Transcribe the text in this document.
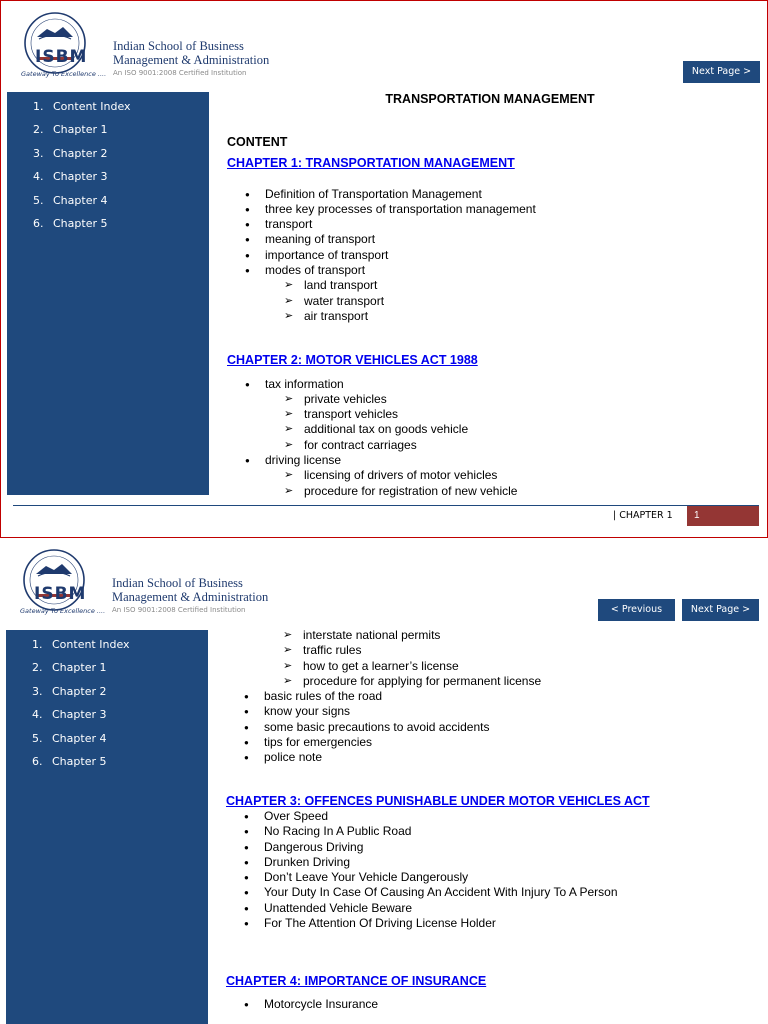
ISBM
Indian School of Business
Management & Administration
Gateway To Excellence .... An ISO 9001:2008 Certified Institution	Next Page >
1. Content Index
2. Chapter 1
3. Chapter 2
4. Chapter 3
5. Chapter 4
6. Chapter 5
TRANSPORTATION MANAGEMENT
CONTENT
CHAPTER 1: TRANSPORTATION MANAGEMENT
● Definition of Transportation Management
● three key processes of transportation management
● transport
● meaning of transport
● importance of transport
● modes of transport
➢ land transport
➢ water transport
➢ air transport
CHAPTER 2: MOTOR VEHICLES ACT 1988
● tax information
➢ private vehicles
➢ transport vehicles
➢ additional tax on goods vehicle
➢ for contract carriages
● driving license
➢ licensing of drivers of motor vehicles
➢ procedure for registration of new vehicle
| CHAPTER 1	1
ISBM
Indian School of Business
Management & Administration
Gateway To Excellence .... An ISO 9001:2008 Certified Institution	< Previous Page
Next Page >
1. Content Index
2. Chapter 1
3. Chapter 2
4. Chapter 3
5. Chapter 4
6. Chapter 5
➢ interstate national permits
➢ traffic rules
➢ how to get a learner’s license
➢ procedure for applying for permanent license
● basic rules of the road
● know your signs
● some basic precautions to avoid accidents
● tips for emergencies
● police note
CHAPTER 3: OFFENCES PUNISHABLE UNDER MOTOR VEHICLES ACT
● Over Speed
● No Racing In A Public Road
● Dangerous Driving
● Drunken Driving
● Don’t Leave Your Vehicle Dangerously
● Your Duty In Case Of Causing An Accident With Injury To A Person
● Unattended Vehicle Beware
● For The Attention Of Driving License Holder
CHAPTER 4: IMPORTANCE OF INSURANCE
● Motorcycle Insurance
